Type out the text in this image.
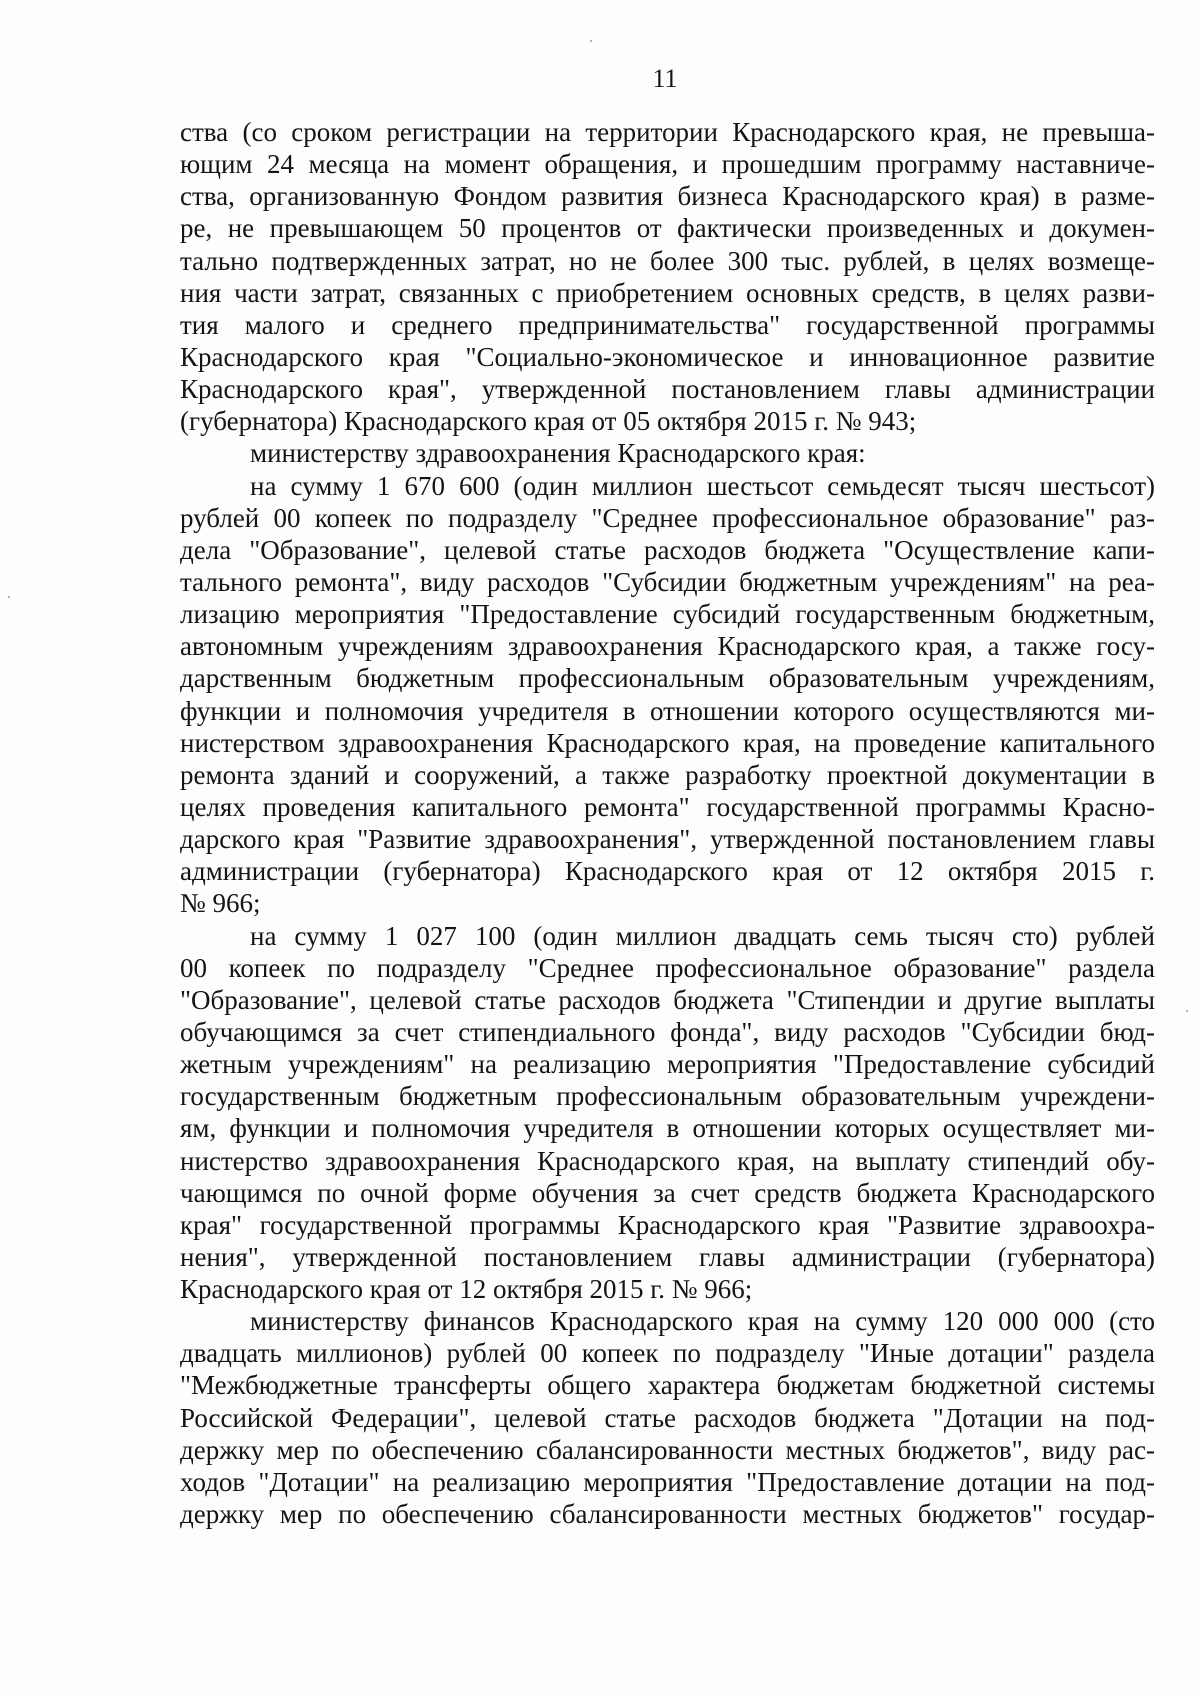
11
ства (со сроком регистрации на территории Краснодарского края, не превыша-
ющим 24 месяца на момент обращения, и прошедшим программу наставниче-
ства, организованную Фондом развития бизнеса Краснодарского края) в разме-
ре, не превышающем 50 процентов от фактически произведенных и докумен-
тально подтвержденных затрат, но не более 300 тыс. рублей, в целях возмеще-
ния части затрат, связанных с приобретением основных средств, в целях разви-
тия малого и среднего предпринимательства" государственной программы
Краснодарского края "Социально-экономическое и инновационное развитие
Краснодарского края", утвержденной постановлением главы администрации
(губернатора) Краснодарского края от 05 октября 2015 г. № 943;
министерству здравоохранения Краснодарского края:
на сумму 1 670 600 (один миллион шестьсот семьдесят тысяч шестьсот)
рублей 00 копеек по подразделу "Среднее профессиональное образование" раз-
дела "Образование", целевой статье расходов бюджета "Осуществление капи-
тального ремонта", виду расходов "Субсидии бюджетным учреждениям" на реа-
лизацию мероприятия "Предоставление субсидий государственным бюджетным,
автономным учреждениям здравоохранения Краснодарского края, а также госу-
дарственным бюджетным профессиональным образовательным учреждениям,
функции и полномочия учредителя в отношении которого осуществляются ми-
нистерством здравоохранения Краснодарского края, на проведение капитального
ремонта зданий и сооружений, а также разработку проектной документации в
целях проведения капитального ремонта" государственной программы Красно-
дарского края "Развитие здравоохранения", утвержденной постановлением главы
администрации (губернатора) Краснодарского края от 12 октября 2015 г.
№ 966;
на сумму 1 027 100 (один миллион двадцать семь тысяч сто) рублей
00 копеек по подразделу "Среднее профессиональное образование" раздела
"Образование", целевой статье расходов бюджета "Стипендии и другие выплаты
обучающимся за счет стипендиального фонда", виду расходов "Субсидии бюд-
жетным учреждениям" на реализацию мероприятия "Предоставление субсидий
государственным бюджетным профессиональным образовательным учреждени-
ям, функции и полномочия учредителя в отношении которых осуществляет ми-
нистерство здравоохранения Краснодарского края, на выплату стипендий обу-
чающимся по очной форме обучения за счет средств бюджета Краснодарского
края" государственной программы Краснодарского края "Развитие здравоохра-
нения", утвержденной постановлением главы администрации (губернатора)
Краснодарского края от 12 октября 2015 г. № 966;
министерству финансов Краснодарского края на сумму 120 000 000 (сто
двадцать миллионов) рублей 00 копеек по подразделу "Иные дотации" раздела
"Межбюджетные трансферты общего характера бюджетам бюджетной системы
Российской Федерации", целевой статье расходов бюджета "Дотации на под-
держку мер по обеспечению сбалансированности местных бюджетов", виду рас-
ходов "Дотации" на реализацию мероприятия "Предоставление дотации на под-
держку мер по обеспечению сбалансированности местных бюджетов" государ-
